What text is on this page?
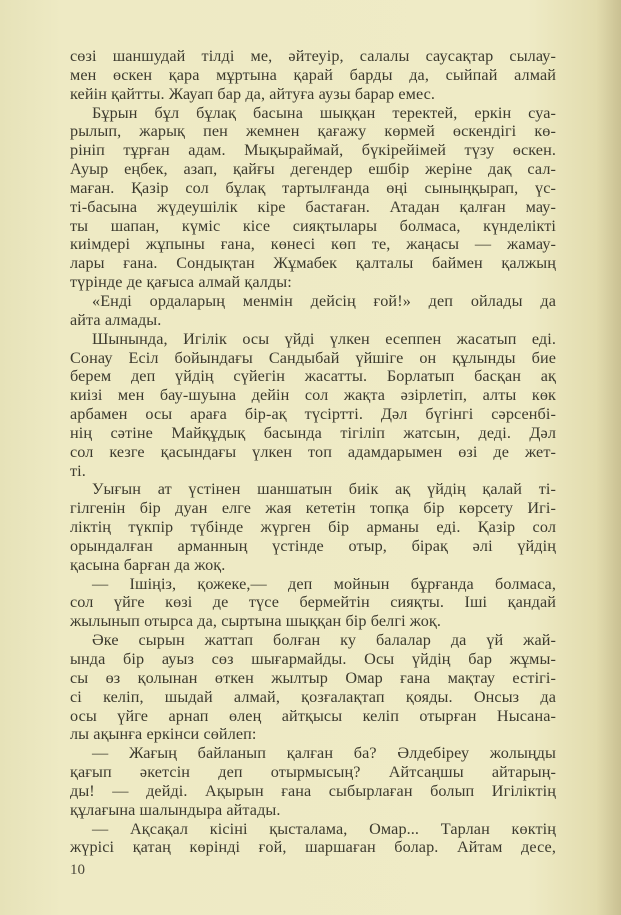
сөзі шаншудай тілді ме, әйтеуір, салалы саусақтар сылау-
мен өскен қара мұртына қарай барды да, сыйпай алмай
кейін қайтты. Жауап бар да, айтуға аузы барар емес.
Бұрын бұл бұлақ басына шыққан теректей, еркін суа-
рылып, жарық пен жемнен қағажу көрмей өскендігі кө-
рініп тұрған адам. Мықыраймай, бүкірейімей түзу өскен.
Ауыр еңбек, азап, қайғы дегендер ешбір жеріне дақ сал-
маған. Қазір сол бұлақ тартылғанда өңі сыныңқырап, үс-
ті-басына жүдеушілік кіре бастаған. Атадан қалған мау-
ты шапан, күміс кісе сияқтылары болмаса, күнделікті
киімдері жұпыны ғана, көнесі көп те, жаңасы — жамау-
лары ғана. Сондықтан Жұмабек қалталы баймен қалжың
түрінде де қағыса алмай қалды:
«Енді ордаларың менмін дейсің ғой!» деп ойлады да
айта алмады.
Шынында, Игілік осы үйді үлкен есеппен жасатып еді.
Сонау Есіл бойындағы Сандыбай үйшіге он құлынды бие
берем деп үйдің сүйегін жасатты. Борлатып басқан ақ
киізі мен бау-шуына дейін сол жақта әзірлетіп, алты көк
арбамен осы араға бір-ақ түсіртті. Дәл бүгінгі сәрсенбі-
нің сәтіне Майқұдық басында тігіліп жатсын, деді. Дәл
сол кезге қасындағы үлкен топ адамдарымен өзі де жет-
ті.
Уығын ат үстінен шаншатын биік ақ үйдің қалай ті-
гілгенін бір дуан елге жая кететін топқа бір көрсету Игі-
ліктің түкпір түбінде жүрген бір арманы еді. Қазір сол
орындалған арманның үстінде отыр, бірақ әлі үйдің
қасына барған да жоқ.
— Ішіңіз, қожеке,— деп мойнын бұрғанда болмаса,
сол үйге көзі де түсе бермейтін сияқты. Іші қандай
жылынып отырса да, сыртына шыққан бір белгі жоқ.
Әке сырын жаттап болған ку балалар да үй жай-
ында бір ауыз сөз шығармайды. Осы үйдің бар жұмы-
сы өз қолынан өткен жылтыр Омар ғана мақтау естігі-
сі келіп, шыдай алмай, қозғалақтап қояды. Онсыз да
осы үйге арнап өлең айтқысы келіп отырған Нысана-
лы ақынға еркінси сөйлеп:
— Жағың байланып қалған ба? Әлдебіреу жолыңды
қағып әкетсін деп отырмысың? Айтсаңшы айтарың-
ды! — дейді. Ақырын ғана сыбырлаған болып Игіліктің
құлағына шалындыра айтады.
— Ақсақал кісіні қысталама, Омар... Тарлан көктің
жүрісі қатаң көрінді ғой, шаршаған болар. Айтам десе,
10
